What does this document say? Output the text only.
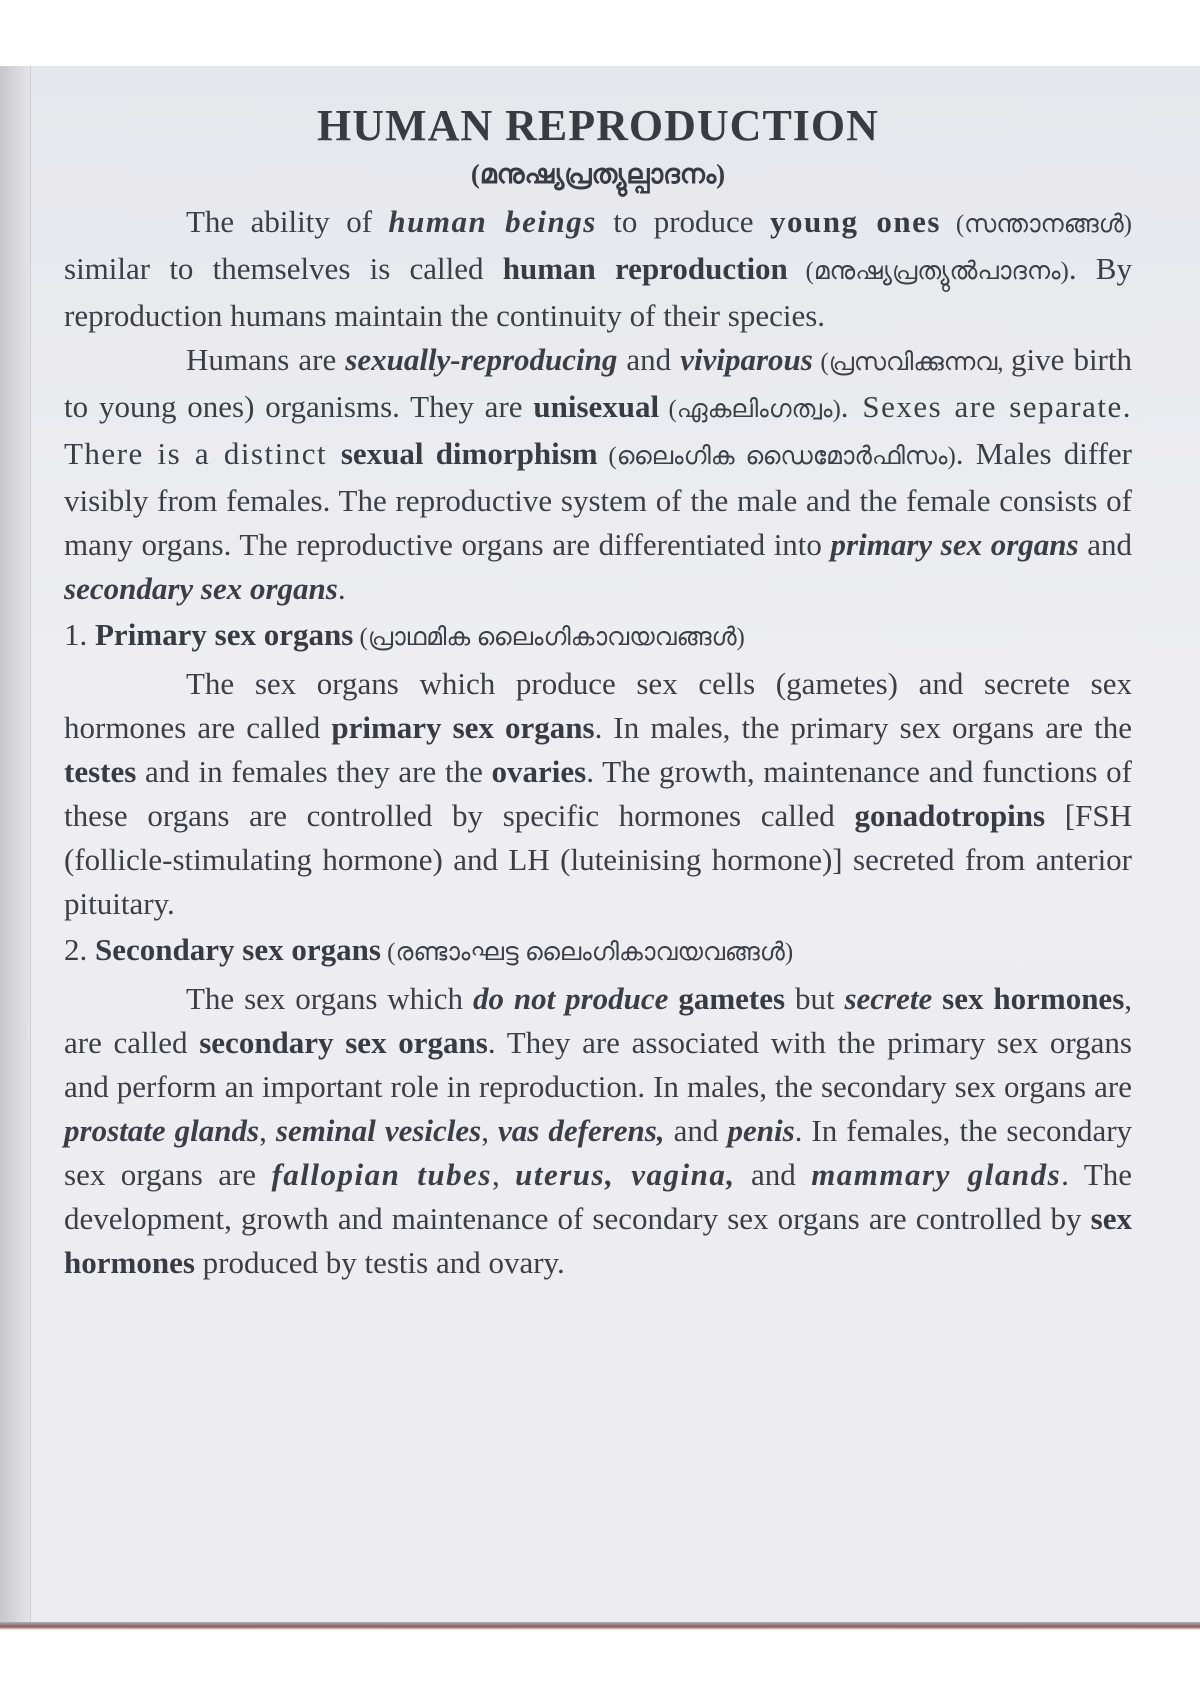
HUMAN REPRODUCTION
(മനുഷ്യപ്രത്യുല്പാദനം)

The ability of human beings to produce young ones (സന്താനങ്ങൾ) similar to themselves is called human reproduction (മനുഷ്യപ്രത്യുൽപാദനം). By reproduction humans maintain the continuity of their species.

Humans are sexually-reproducing and viviparous (പ്രസവിക്കുന്നവ, give birth to young ones) organisms. They are unisexual (ഏകലിംഗത്വം). Sexes are separate. There is a distinct sexual dimorphism (ലൈംഗിക ഡൈമോർഫിസം). Males differ visibly from females. The reproductive system of the male and the female consists of many organs. The reproductive organs are differentiated into primary sex organs and secondary sex organs.

1. Primary sex organs (പ്രാഥമിക ലൈംഗികാവയവങ്ങൾ)

The sex organs which produce sex cells (gametes) and secrete sex hormones are called primary sex organs. In males, the primary sex organs are the testes and in females they are the ovaries. The growth, maintenance and functions of these organs are controlled by specific hormones called gonadotropins [FSH (follicle-stimulating hormone) and LH (luteinising hormone)] secreted from anterior pituitary.

2. Secondary sex organs (രണ്ടാംഘട്ട ലൈംഗികാവയവങ്ങൾ)

The sex organs which do not produce gametes but secrete sex hormones, are called secondary sex organs. They are associated with the primary sex organs and perform an important role in reproduction. In males, the secondary sex organs are prostate glands, seminal vesicles, vas deferens, and penis. In females, the secondary sex organs are fallopian tubes, uterus, vagina, and mammary glands. The development, growth and maintenance of secondary sex organs are controlled by sex hormones produced by testis and ovary.
